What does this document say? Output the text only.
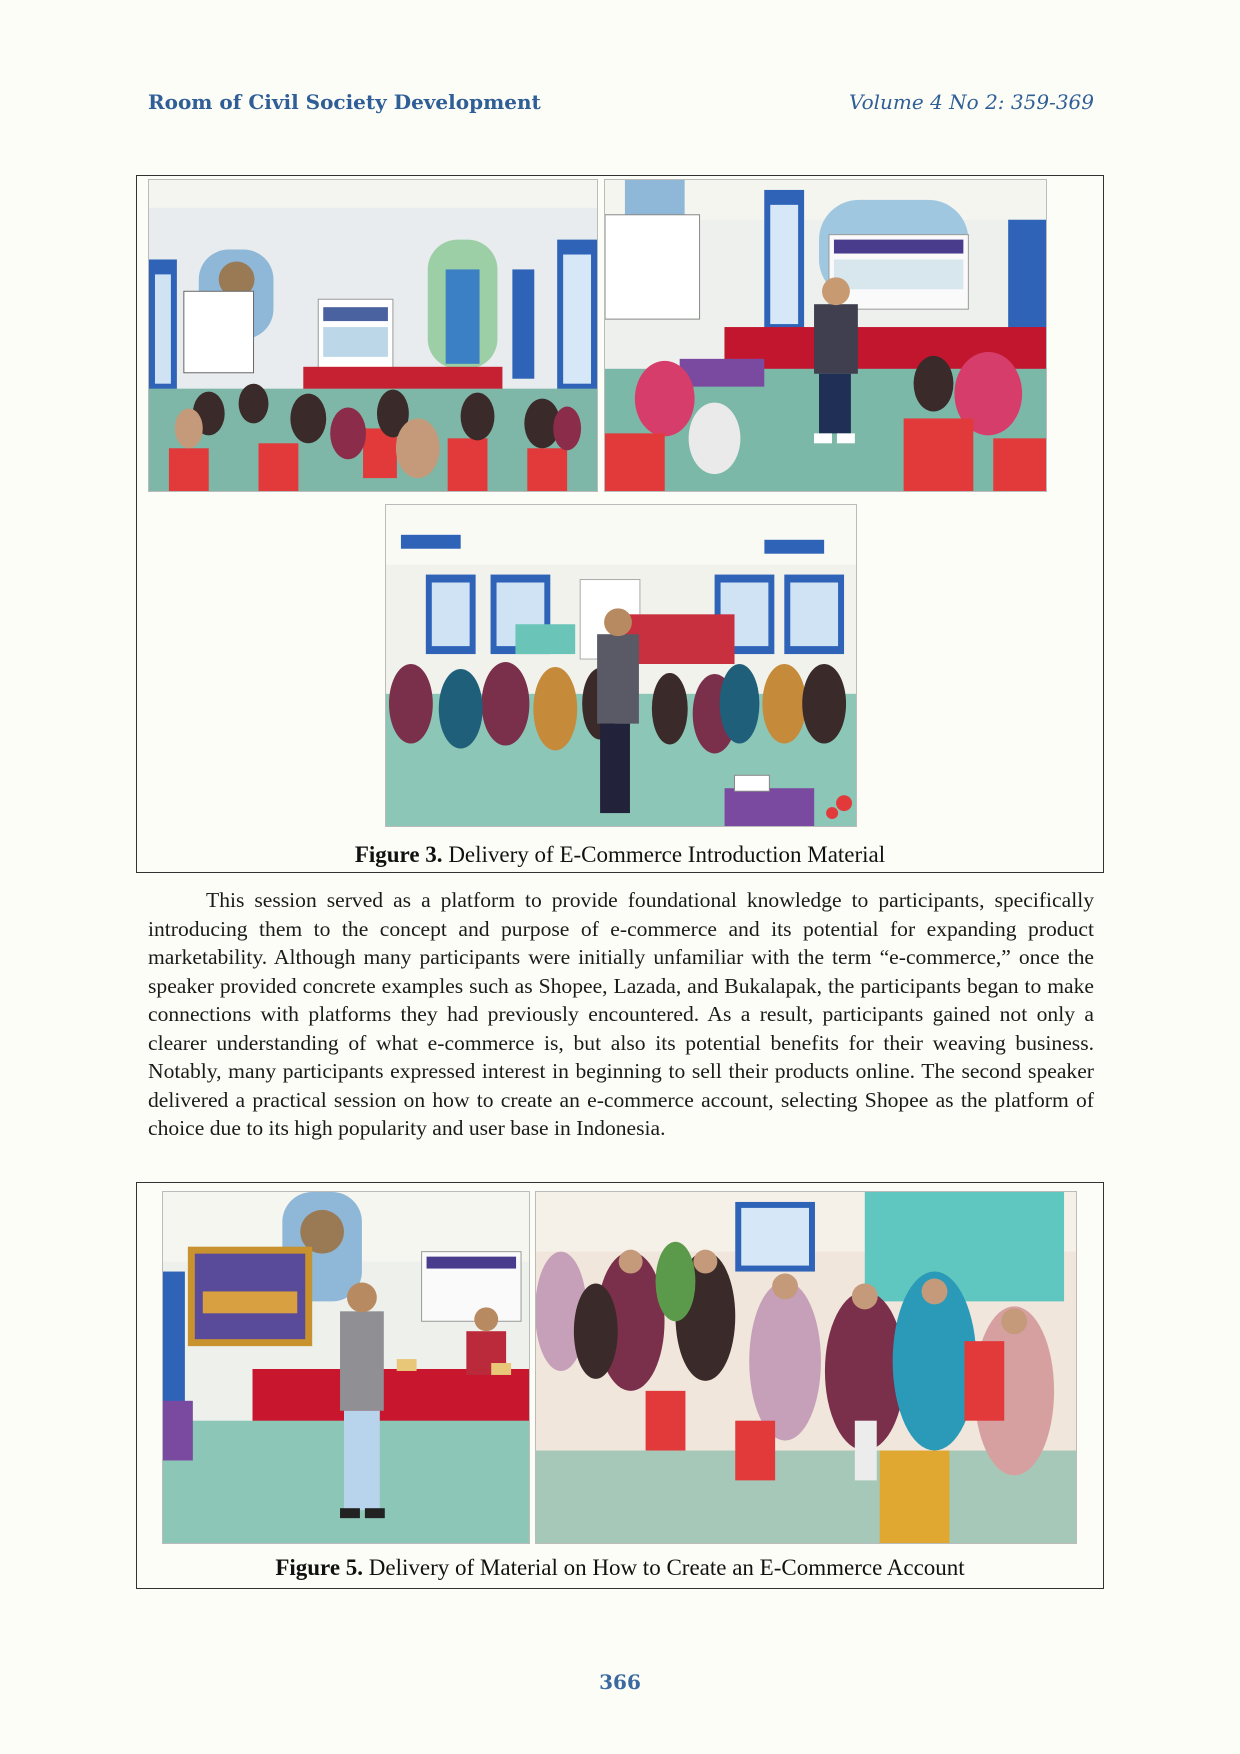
Room of Civil Society Development	Volume 4 No 2: 359-369
Figure 3. Delivery of E-Commerce Introduction Material

This session served as a platform to provide foundational knowledge to participants, specifically introducing them to the concept and purpose of e-commerce and its potential for expanding product marketability. Although many participants were initially unfamiliar with the term “e-commerce,” once the speaker provided concrete examples such as Shopee, Lazada, and Bukalapak, the participants began to make connections with platforms they had previously encountered. As a result, participants gained not only a clearer understanding of what e-commerce is, but also its potential benefits for their weaving business. Notably, many participants expressed interest in beginning to sell their products online. The second speaker delivered a practical session on how to create an e-commerce account, selecting Shopee as the platform of choice due to its high popularity and user base in Indonesia.

Figure 5. Delivery of Material on How to Create an E-Commerce Account
366
